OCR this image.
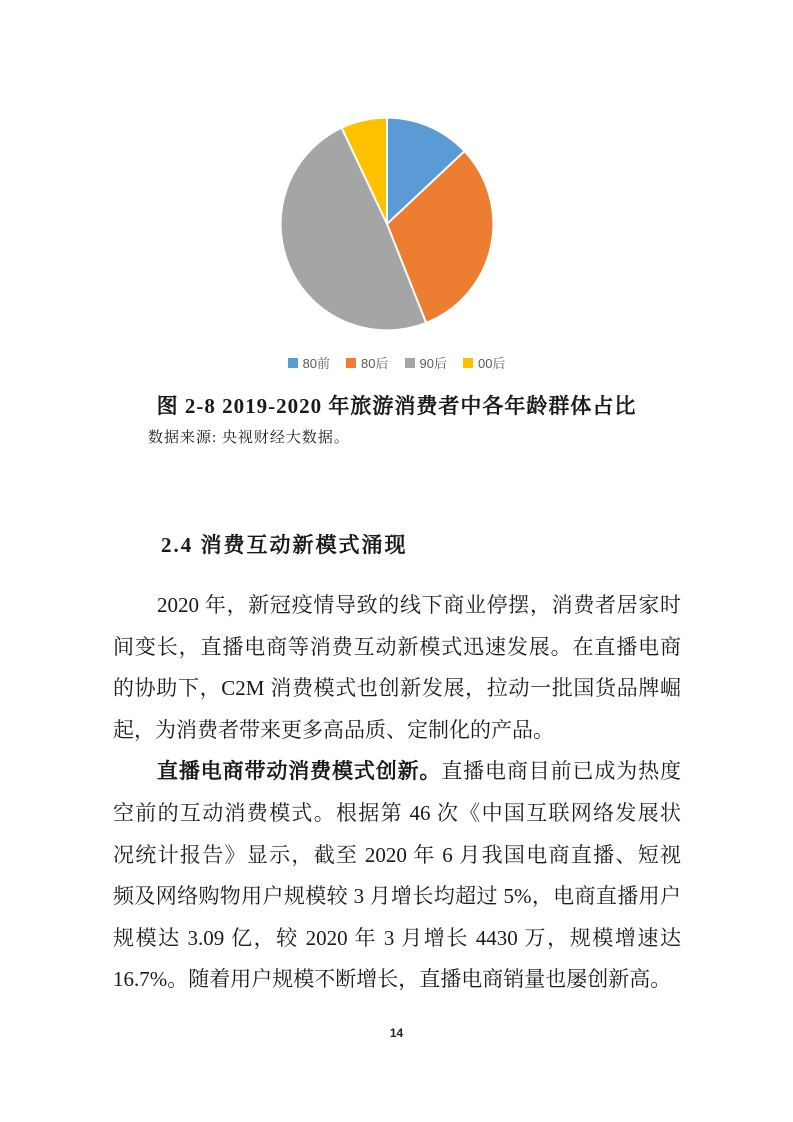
80前 80后 90后 00后
图 2-8 2019-2020 年旅游消费者中各年龄群体占比
数据来源: 央视财经大数据。
2.4 消费互动新模式涌现
2020 年，新冠疫情导致的线下商业停摆，消费者居家时
间变长，直播电商等消费互动新模式迅速发展。在直播电商
的协助下，C2M 消费模式也创新发展，拉动一批国货品牌崛
起，为消费者带来更多高品质、定制化的产品。
直播电商带动消费模式创新。直播电商目前已成为热度
空前的互动消费模式。根据第 46 次《中国互联网络发展状
况统计报告》显示，截至 2020 年 6 月我国电商直播、短视
频及网络购物用户规模较 3 月增长均超过 5%，电商直播用户
规模达 3.09 亿，较 2020 年 3 月增长 4430 万，规模增速达
16.7%。随着用户规模不断增长，直播电商销量也屡创新高。
14
